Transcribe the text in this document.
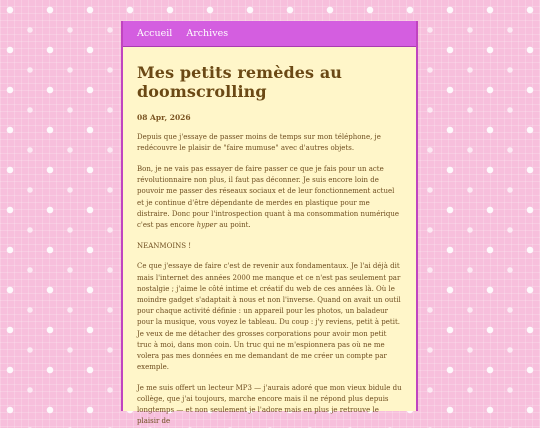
Accueil Archives
Mes petits remèdes au doomscrolling
08 Apr, 2026

Depuis que j'essaye de passer moins de temps sur mon téléphone, je redécouvre le plaisir de "faire mumuse" avec d'autres objets.

Bon, je ne vais pas essayer de faire passer ce que je fais pour un acte révolutionnaire non plus, il faut pas déconner. Je suis encore loin de pouvoir me passer des réseaux sociaux et de leur fonctionnement actuel et je continue d'être dépendante de merdes en plastique pour me distraire. Donc pour l'introspection quant à ma consommation numérique c'est pas encore hyper au point.

NEANMOINS !

Ce que j'essaye de faire c'est de revenir aux fondamentaux. Je l'ai déjà dit mais l'internet des années 2000 me manque et ce n'est pas seulement par nostalgie ; j'aime le côté intime et créatif du web de ces années là. Où le moindre gadget s'adaptait à nous et non l'inverse. Quand on avait un outil pour chaque activité définie : un appareil pour les photos, un baladeur pour la musique, vous voyez le tableau. Du coup : j'y reviens, petit à petit. Je veux de me détacher des grosses corporations pour avoir mon petit truc à moi, dans mon coin. Un truc qui ne m'espionnera pas où ne me volera pas mes données en me demandant de me créer un compte par exemple.

Je me suis offert un lecteur MP3 — j'aurais adoré que mon vieux bidule du collège, que j'ai toujours, marche encore mais il ne répond plus depuis longtemps — et non seulement je l'adore mais en plus je retrouve le plaisir de
